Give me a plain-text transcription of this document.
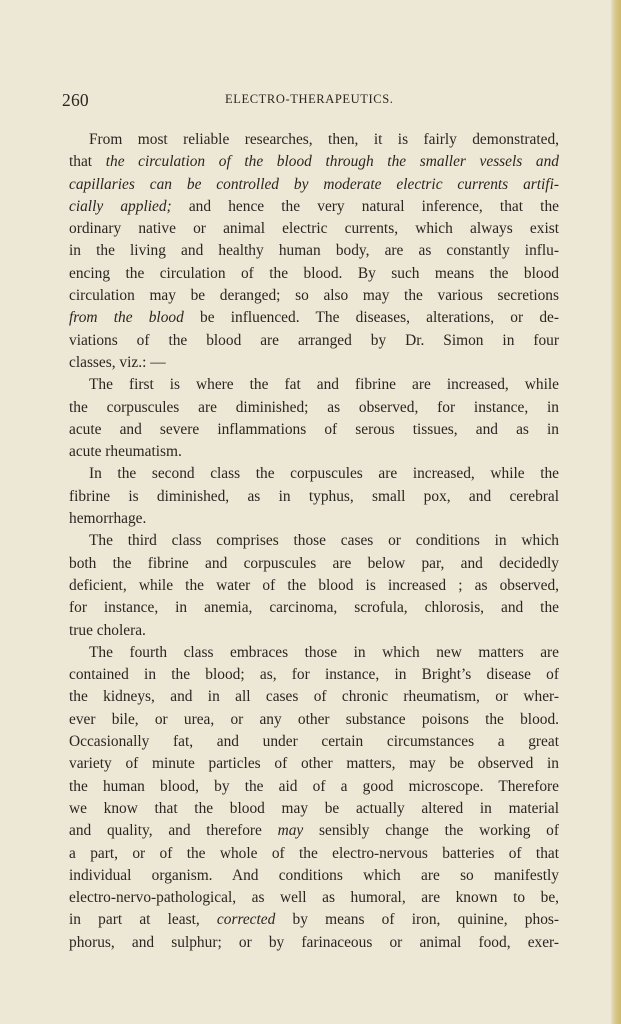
260	ELECTRO-THERAPEUTICS.
From most reliable researches, then, it is fairly demonstrated,
that the circulation of the blood through the smaller vessels and
capillaries can be controlled by moderate electric currents artifi-
cially applied; and hence the very natural inference, that the
ordinary native or animal electric currents, which always exist
in the living and healthy human body, are as constantly influ-
encing the circulation of the blood. By such means the blood
circulation may be deranged; so also may the various secretions
from the blood be influenced. The diseases, alterations, or de-
viations of the blood are arranged by Dr. Simon in four
classes, viz.: —
The first is where the fat and fibrine are increased, while
the corpuscules are diminished; as observed, for instance, in
acute and severe inflammations of serous tissues, and as in
acute rheumatism.
In the second class the corpuscules are increased, while the
fibrine is diminished, as in typhus, small pox, and cerebral
hemorrhage.
The third class comprises those cases or conditions in which
both the fibrine and corpuscules are below par, and decidedly
deficient, while the water of the blood is increased ; as observed,
for instance, in anemia, carcinoma, scrofula, chlorosis, and the
true cholera.
The fourth class embraces those in which new matters are
contained in the blood; as, for instance, in Bright’s disease of
the kidneys, and in all cases of chronic rheumatism, or wher-
ever bile, or urea, or any other substance poisons the blood.
Occasionally fat, and under certain circumstances a great
variety of minute particles of other matters, may be observed in
the human blood, by the aid of a good microscope. Therefore
we know that the blood may be actually altered in material
and quality, and therefore may sensibly change the working of
a part, or of the whole of the electro-nervous batteries of that
individual organism. And conditions which are so manifestly
electro-nervo-pathological, as well as humoral, are known to be,
in part at least, corrected by means of iron, quinine, phos-
phorus, and sulphur; or by farinaceous or animal food, exer-
